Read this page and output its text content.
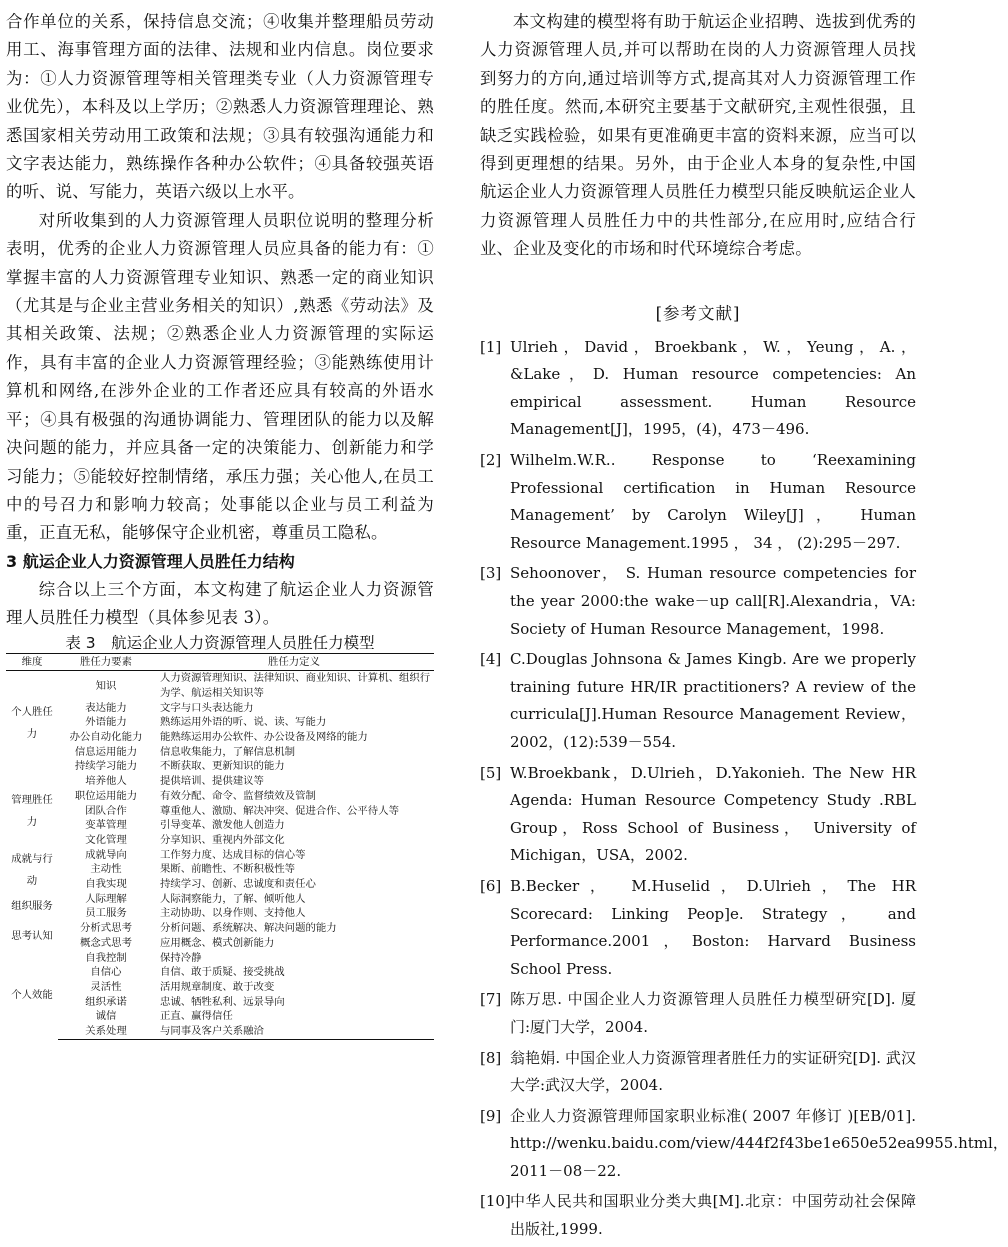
合作单位的关系，保持信息交流；④收集并整理船员劳动用工、海事管理方面的法律、法规和业内信息。岗位要求为：①人力资源管理等相关管理类专业（人力资源管理专业优先），本科及以上学历；②熟悉人力资源管理理论、熟悉国家相关劳动用工政策和法规；③具有较强沟通能力和文字表达能力，熟练操作各种办公软件；④具备较强英语的听、说、写能力，英语六级以上水平。

对所收集到的人力资源管理人员职位说明的整理分析表明，优秀的企业人力资源管理人员应具备的能力有：①掌握丰富的人力资源管理专业知识、熟悉一定的商业知识（尤其是与企业主营业务相关的知识）,熟悉《劳动法》及其相关政策、法规；②熟悉企业人力资源管理的实际运作，具有丰富的企业人力资源管理经验；③能熟练使用计算机和网络,在涉外企业的工作者还应具有较高的外语水平；④具有极强的沟通协调能力、管理团队的能力以及解决问题的能力，并应具备一定的决策能力、创新能力和学习能力；⑤能较好控制情绪，承压力强；关心他人,在员工中的号召力和影响力较高；处事能以企业与员工利益为重，正直无私，能够保守企业机密，尊重员工隐私。

3 航运企业人力资源管理人员胜任力结构

综合以上三个方面，本文构建了航运企业人力资源管理人员胜任力模型（具体参见表 3）。

表 3　航运企业人力资源管理人员胜任力模型

维度	胜任力要素	胜任力定义
个人胜任力	知识	人力资源管理知识、法律知识、商业知识、计算机、组织行为学、航运相关知识等
	表达能力	文字与口头表达能力
	外语能力	熟练运用外语的听、说、读、写能力
	办公自动化能力	能熟练运用办公软件、办公设备及网络的能力
	信息运用能力	信息收集能力，了解信息机制
	持续学习能力	不断获取、更新知识的能力
管理胜任力	培养他人	提供培训、提供建议等
	职位运用能力	有效分配、命令、监督绩效及管制
	团队合作	尊重他人、激励、解决冲突、促进合作、公平待人等
	变革管理	引导变革、激发他人创造力
	文化管理	分享知识、重视内外部文化
成就与行动	成就导向	工作努力度、达成目标的信心等
	主动性	果断、前瞻性、不断积极性等
	自我实现	持续学习、创新、忠诚度和责任心
组织服务	人际理解	人际洞察能力，了解、倾听他人
	员工服务	主动协助、以身作则、支持他人
思考认知	分析式思考	分析问题、系统解决、解决问题的能力
	概念式思考	应用概念、模式创新能力
个人效能	自我控制	保持冷静
	自信心	自信、敢于质疑、接受挑战
	灵活性	活用规章制度、敢于改变
	组织承诺	忠诚、牺牲私利、远景导向
	诚信	正直、赢得信任
	关系处理	与同事及客户关系融洽

本文构建的模型将有助于航运企业招聘、选拔到优秀的人力资源管理人员,并可以帮助在岗的人力资源管理人员找到努力的方向,通过培训等方式,提高其对人力资源管理工作的胜任度。然而,本研究主要基于文献研究,主观性很强，且缺乏实践检验，如果有更准确更丰富的资料来源，应当可以得到更理想的结果。另外，由于企业人本身的复杂性,中国航运企业人力资源管理人员胜任力模型只能反映航运企业人力资源管理人员胜任力中的共性部分,在应用时,应结合行业、企业及变化的市场和时代环境综合考虑。

[参考文献]
[1] Ulrieh，David，Broekbank，W.，Yeung，A.，&Lake，D. Human resource competencies: An empirical assessment. Human Resource Management[J]，1995，(4)，473－496.
[2] Wilhelm.W.R.. Response to ‘Reexamining Professional certification in Human Resource Management’ by Carolyn Wiley[J]， Human Resource Management.1995 ， 34 ， (2):295－297.
[3] Sehoonover， S. Human resource competencies for the year 2000:the wake－up call[R].Alexandria，VA: Society of Human Resource Management，1998.
[4] C.Douglas Johnsona & James Kingb. Are we properly training future HR/IR practitioners? A review of the curricula[J].Human Resource Management Review，2002，(12):539－554.
[5] W.Broekbank，D.Ulrieh，D.Yakonieh. The New HR Agenda: Human Resource Competency Study .RBL Group，Ross School of Business， University of Michigan，USA，2002.
[6] B.Becker， M.Huselid，D.Ulrieh，The HR Scorecard: Linking Peop]e. Strategy， and Performance.2001，Boston: Harvard Business School Press.
[7] 陈万思. 中国企业人力资源管理人员胜任力模型研究[D]. 厦门:厦门大学，2004.
[8] 翁艳娟. 中国企业人力资源管理者胜任力的实证研究[D]. 武汉大学:武汉大学，2004.
[9] 企业人力资源管理师国家职业标准( 2007 年修订 )[EB/01]. http://wenku.baidu.com/view/444f2f43be1e650e52ea9955.html，2011－08－22.
[10] 中华人民共和国职业分类大典[M].北京：中国劳动社会保障出版社,1999.
